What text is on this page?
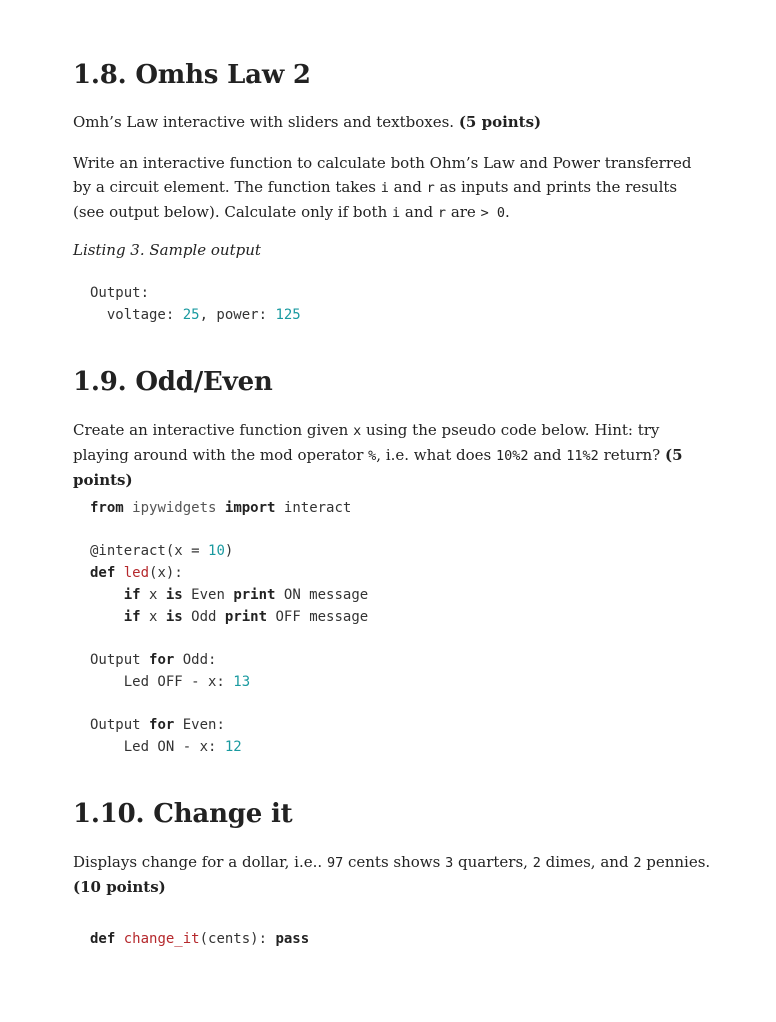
1.8. Omhs Law 2

Omh’s Law interactive with sliders and textboxes. (5 points)

Write an interactive function to calculate both Ohm’s Law and Power transferred by a circuit element. The function takes i and r as inputs and prints the results (see output below). Calculate only if both i and r are > 0.

Listing 3. Sample output

Output:
voltage: 25, power: 125
1.9. Odd/Even

Create an interactive function given x using the pseudo code below. Hint: try playing around with the mod operator %, i.e. what does 10%2 and 11%2 return? (5 points)

from ipywidgets import interact

@interact(x = 10)
def led(x):
if x is Even print ON message
if x is Odd print OFF message

Output for Odd:
Led OFF - x: 13

Output for Even:
Led ON - x: 12
1.10. Change it

Displays change for a dollar, i.e.. 97 cents shows 3 quarters, 2 dimes, and 2 pennies. (10 points)

def change_it(cents): pass
